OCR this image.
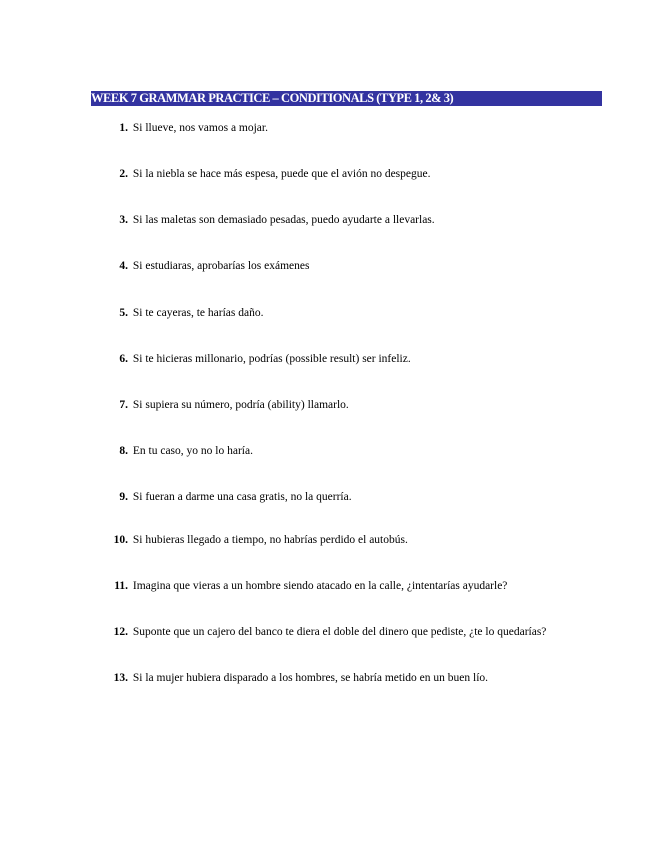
WEEK 7 GRAMMAR PRACTICE – CONDITIONALS (TYPE 1, 2& 3)
1 . Si llueve, nos vamos a mojar.
2 . Si la niebla se hace más espesa, puede que el avión no despegue.
3 . Si las maletas son demasiado pesadas, puedo ayudarte a llevarlas.
4 . Si estudiaras, aprobarías los exámenes
5 . Si te cayeras, te harías daño.
6 . Si te hicieras millonario, podrías (possible result) ser infeliz.
7 . Si supiera su número, podría (ability) llamarlo.
8 . En tu caso, yo no lo haría.
9 . Si fueran a darme una casa gratis, no la querría.
10 . Si hubieras llegado a tiempo, no habrías perdido el autobús.
11 . Imagina que vieras a un hombre siendo atacado en la calle, ¿intentarías ayudarle?
12 . Suponte que un cajero del banco te diera el doble del dinero que pediste, ¿te lo quedarías?
13 . Si la mujer hubiera disparado a los hombres, se habría metido en un buen lío.
